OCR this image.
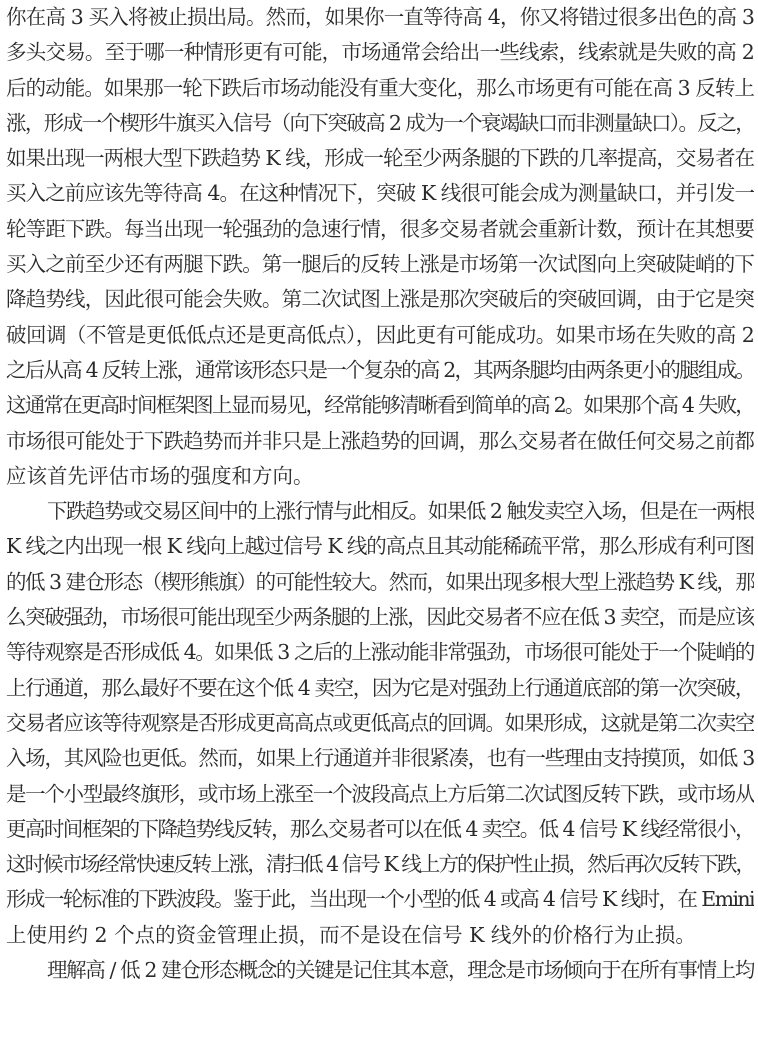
你在高 3 买入将被止损出局。然而，如果你一直等待高 4，你又将错过很多出色的高 3
多头交易。至于哪一种情形更有可能，市场通常会给出一些线索，线索就是失败的高 2
后的动能。如果那一轮下跌后市场动能没有重大变化，那么市场更有可能在高 3 反转上
涨，形成一个楔形牛旗买入信号（向下突破高 2 成为一个衰竭缺口而非测量缺口）。反之，
如果出现一两根大型下跌趋势 K 线，形成一轮至少两条腿的下跌的几率提高，交易者在
买入之前应该先等待高 4。在这种情况下，突破 K 线很可能会成为测量缺口，并引发一
轮等距下跌。每当出现一轮强劲的急速行情，很多交易者就会重新计数，预计在其想要
买入之前至少还有两腿下跌。第一腿后的反转上涨是市场第一次试图向上突破陡峭的下
降趋势线，因此很可能会失败。第二次试图上涨是那次突破后的突破回调，由于它是突
破回调（不管是更低低点还是更高低点），因此更有可能成功。如果市场在失败的高 2
之后从高 4 反转上涨，通常该形态只是一个复杂的高 2，其两条腿均由两条更小的腿组成。
这通常在更高时间框架图上显而易见，经常能够清晰看到简单的高 2。如果那个高 4 失败，
市场很可能处于下跌趋势而并非只是上涨趋势的回调，那么交易者在做任何交易之前都
应该首先评估市场的强度和方向。
下跌趋势或交易区间中的上涨行情与此相反。如果低 2 触发卖空入场，但是在一两根
K 线之内出现一根 K 线向上越过信号 K 线的高点且其动能稀疏平常，那么形成有利可图
的低 3 建仓形态（楔形熊旗）的可能性较大。然而，如果出现多根大型上涨趋势 K 线，那
么突破强劲，市场很可能出现至少两条腿的上涨，因此交易者不应在低 3 卖空，而是应该
等待观察是否形成低 4。如果低 3 之后的上涨动能非常强劲，市场很可能处于一个陡峭的
上行通道，那么最好不要在这个低 4 卖空，因为它是对强劲上行通道底部的第一次突破，
交易者应该等待观察是否形成更高高点或更低高点的回调。如果形成，这就是第二次卖空
入场，其风险也更低。然而，如果上行通道并非很紧凑，也有一些理由支持摸顶，如低 3
是一个小型最终旗形，或市场上涨至一个波段高点上方后第二次试图反转下跌，或市场从
更高时间框架的下降趋势线反转，那么交易者可以在低 4 卖空。低 4 信号 K 线经常很小，
这时候市场经常快速反转上涨，清扫低 4 信号 K 线上方的保护性止损，然后再次反转下跌，
形成一轮标准的下跌波段。鉴于此，当出现一个小型的低 4 或高 4 信号 K 线时，在 Emini
上使用约 2 个点的资金管理止损，而不是设在信号 K 线外的价格行为止损。
理解高 / 低 2 建仓形态概念的关键是记住其本意，理念是市场倾向于在所有事情上均
